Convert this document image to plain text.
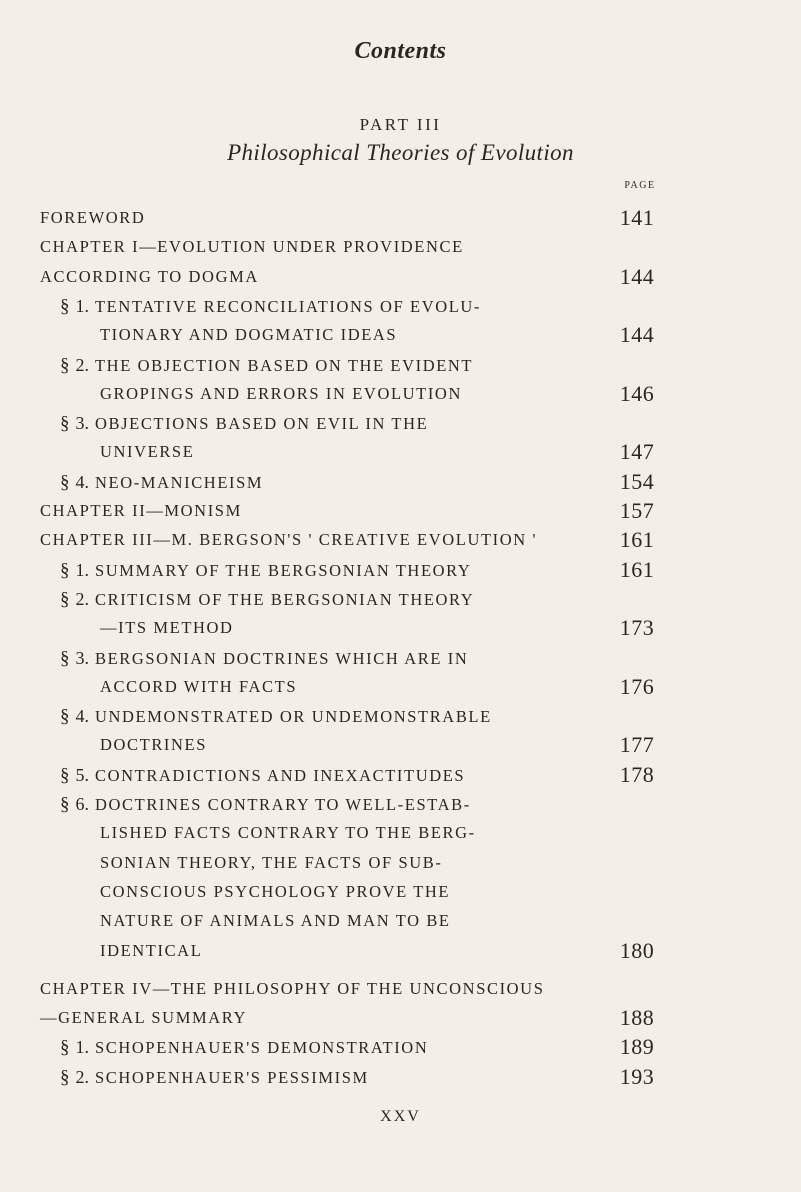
Contents
PART III
Philosophical Theories of Evolution
PAGE
FOREWORD	141
CHAPTER I—EVOLUTION UNDER PROVIDENCE
ACCORDING TO DOGMA	144
§ 1. TENTATIVE RECONCILIATIONS OF EVOLU-
TIONARY AND DOGMATIC IDEAS	144
§ 2. THE OBJECTION BASED ON THE EVIDENT
GROPINGS AND ERRORS IN EVOLUTION	146
§ 3. OBJECTIONS BASED ON EVIL IN THE
UNIVERSE	147
§ 4. NEO-MANICHEISM	154
CHAPTER II—MONISM	157
CHAPTER III—M. BERGSON'S ' CREATIVE EVOLUTION '	161
§ 1. SUMMARY OF THE BERGSONIAN THEORY	161
§ 2. CRITICISM OF THE BERGSONIAN THEORY
—ITS METHOD	173
§ 3. BERGSONIAN DOCTRINES WHICH ARE IN
ACCORD WITH FACTS	176
§ 4. UNDEMONSTRATED OR UNDEMONSTRABLE
DOCTRINES	177
§ 5. CONTRADICTIONS AND INEXACTITUDES	178
§ 6. DOCTRINES CONTRARY TO WELL-ESTAB-
LISHED FACTS CONTRARY TO THE BERG-
SONIAN THEORY, THE FACTS OF SUB-
CONSCIOUS PSYCHOLOGY PROVE THE
NATURE OF ANIMALS AND MAN TO BE
IDENTICAL	180
CHAPTER IV—THE PHILOSOPHY OF THE UNCONSCIOUS
—GENERAL SUMMARY	188
§ 1. SCHOPENHAUER'S DEMONSTRATION	189
§ 2. SCHOPENHAUER'S PESSIMISM	193
XXV
